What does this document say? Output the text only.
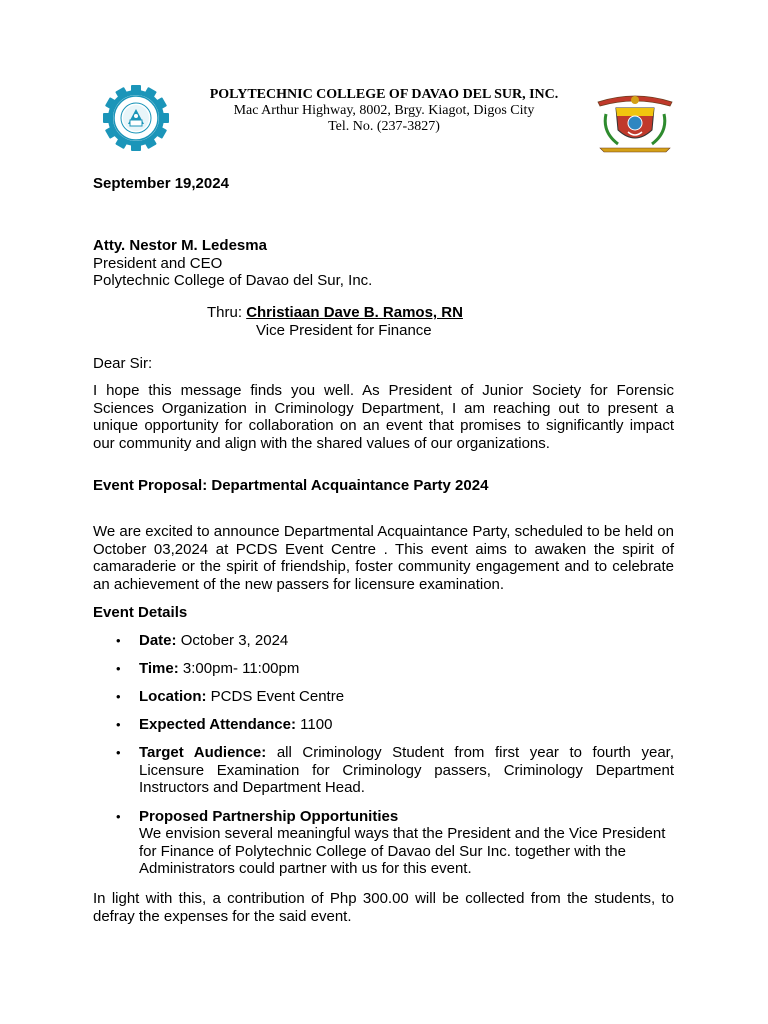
POLYTECHNIC COLLEGE OF DAVAO DEL SUR, INC.
Mac Arthur Highway, 8002, Brgy. Kiagot, Digos City
Tel. No. (237-3827)
September 19,2024
Atty. Nestor M. Ledesma
President and CEO
Polytechnic College of Davao del Sur, Inc.
Thru: Christiaan Dave B. Ramos, RN
Vice President for Finance
Dear Sir:
I hope this message finds you well. As President of Junior Society for Forensic Sciences Organization in Criminology Department, I am reaching out to present a unique opportunity for collaboration on an event that promises to significantly impact our community and align with the shared values of our organizations.
Event Proposal: Departmental Acquaintance Party 2024
We are excited to announce Departmental Acquaintance Party, scheduled to be held on October 03,2024 at PCDS Event Centre . This event aims to awaken the spirit of camaraderie or the spirit of friendship, foster community engagement and to celebrate an achievement of the new passers for licensure examination.
Event Details
• Date: October 3, 2024
• Time: 3:00pm- 11:00pm
• Location: PCDS Event Centre
• Expected Attendance: 1100
• Target Audience: all Criminology Student from first year to fourth year, Licensure Examination for Criminology passers, Criminology Department Instructors and Department Head.
• Proposed Partnership Opportunities
We envision several meaningful ways that the President and the Vice President for Finance of Polytechnic College of Davao del Sur Inc. together with the Administrators could partner with us for this event.
In light with this, a contribution of Php 300.00 will be collected from the students, to defray the expenses for the said event.
